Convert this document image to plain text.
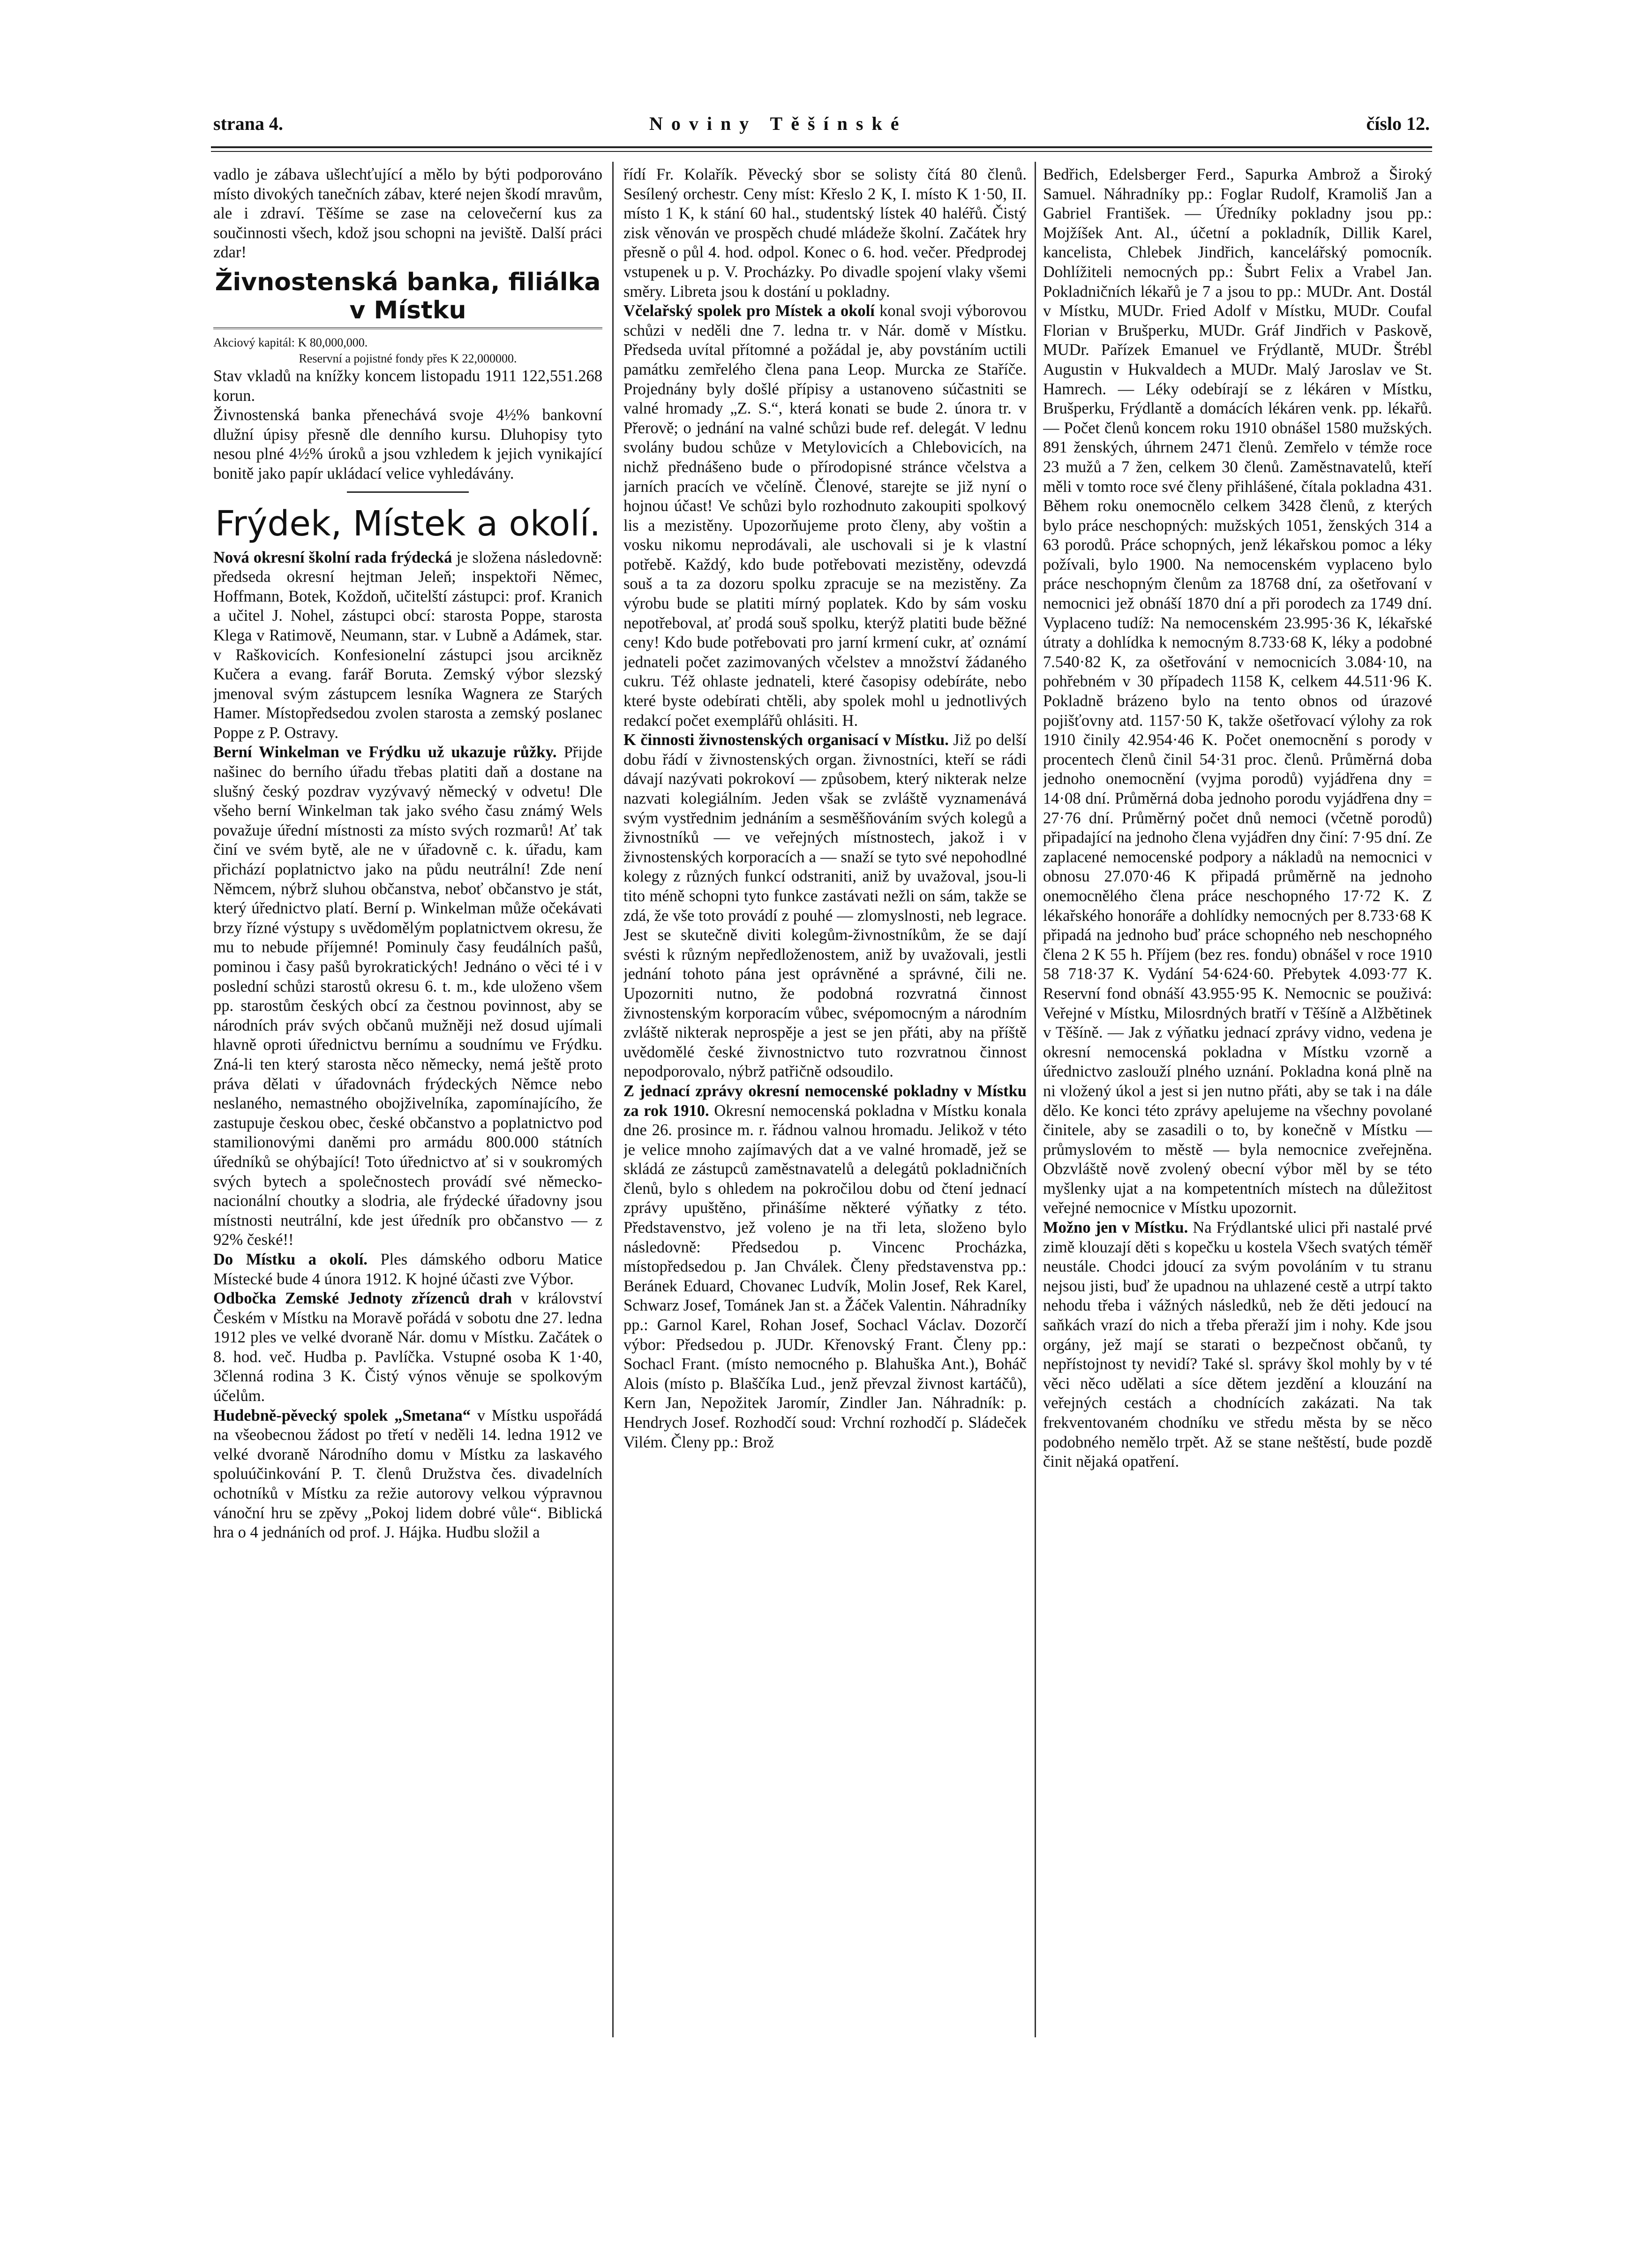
strana 4.	Noviny Těšínské	číslo 12.

vadlo je zábava ušlechťující a mělo by býti podporováno místo divokých tanečních zábav, které nejen škodí mravům, ale i zdraví. Těšíme se zase na celovečerní kus za součinnosti všech, kdož jsou schopni na jeviště. Další práci zdar!

Živnostenská banka, filiálka
v Místku

Akciový kapitál: K 80,000,000.

Reservní a pojistné fondy přes K 22,000000.

Stav vkladů na knížky koncem listopadu 1911 122,551.268 korun.

Živnostenská banka přenechává svoje 4½% bankovní dlužní úpisy přesně dle denního kursu. Dluhopisy tyto nesou plné 4½% úroků a jsou vzhledem k jejich vynikající bonitě jako papír ukládací velice vyhledávány.

Frýdek, Místek a okolí.

Nová okresní školní rada frýdecká je složena následovně: předseda okresní hejtman Jeleň; inspektoři Němec, Hoffmann, Botek, Koždoň, učitelští zástupci: prof. Kranich a učitel J. Nohel, zástupci obcí: starosta Poppe, starosta Klega v Ratimově, Neumann, star. v Lubně a Adámek, star. v Raškovicích. Konfesionelní zástupci jsou arcikněz Kučera a evang. farář Boruta. Zemský výbor slezský jmenoval svým zástupcem lesníka Wagnera ze Starých Hamer. Místopředsedou zvolen starosta a zemský poslanec Poppe z P. Ostravy.

Berní Winkelman ve Frýdku už ukazuje růžky. Přijde našinec do berního úřadu třebas platiti daň a dostane na slušný český pozdrav vyzývavý německý v odvetu! Dle všeho berní Winkelman tak jako svého času známý Wels považuje úřední místnosti za místo svých rozmarů! Ať tak činí ve svém bytě, ale ne v úřadovně c. k. úřadu, kam přichází poplatnictvo jako na půdu neutrální! Zde není Němcem, nýbrž sluhou občanstva, neboť občanstvo je stát, který úřednictvo platí. Berní p. Winkelman může očekávati brzy řízné výstupy s uvědomělým poplatnictvem okresu, že mu to nebude příjemné! Pominuly časy feudálních pašů, pominou i časy pašů byrokratických! Jednáno o věci té i v poslední schůzi starostů okresu 6. t. m., kde uloženo všem pp. starostům českých obcí za čestnou povinnost, aby se národních práv svých občanů mužněji než dosud ujímali hlavně oproti úřednictvu bernímu a soudnímu ve Frýdku. Zná-li ten který starosta něco německy, nemá ještě proto práva dělati v úřadovnách frýdeckých Němce nebo neslaného, nemastného obojživelníka, zapomínajícího, že zastupuje českou obec, české občanstvo a poplatnictvo pod stamilionovými daněmi pro armádu 800.000 státních úředníků se ohýbající! Toto úřednictvo ať si v soukromých svých bytech a společnostech provádí své německo-nacionální choutky a slodria, ale frýdecké úřadovny jsou místnosti neutrální, kde jest úředník pro občanstvo — z 92% české!!

Do Místku a okolí. Ples dámského odboru Matice Místecké bude 4 února 1912. K hojné účasti zve Výbor.

Odbočka Zemské Jednoty zřízenců drah v království Českém v Místku na Moravě pořádá v sobotu dne 27. ledna 1912 ples ve velké dvoraně Nár. domu v Místku. Začátek o 8. hod. več. Hudba p. Pavlíčka. Vstupné osoba K 1·40, 3členná rodina 3 K. Čistý výnos věnuje se spolkovým účelům.

Hudebně-pěvecký spolek „Smetana“ v Místku uspořádá na všeobecnou žádost po třetí v neděli 14. ledna 1912 ve velké dvoraně Národního domu v Místku za laskavého spoluúčinkování P. T. členů Družstva čes. divadelních ochotníků v Místku za režie autorovy velkou výpravnou vánoční hru se zpěvy „Pokoj lidem dobré vůle“. Biblická hra o 4 jednáních od prof. J. Hájka. Hudbu složil a

řídí Fr. Kolařík. Pěvecký sbor se solisty čítá 80 členů. Sesílený orchestr. Ceny míst: Křeslo 2 K, I. místo K 1·50, II. místo 1 K, k stání 60 hal., studentský lístek 40 haléřů. Čistý zisk věnován ve prospěch chudé mládeže školní. Začátek hry přesně o půl 4. hod. odpol. Konec o 6. hod. večer. Předprodej vstupenek u p. V. Procházky. Po divadle spojení vlaky všemi směry. Libreta jsou k dostání u pokladny.

Včelařský spolek pro Místek a okolí konal svoji výborovou schůzi v neděli dne 7. ledna tr. v Nár. domě v Místku. Předseda uvítal přítomné a požádal je, aby povstáním uctili památku zemřelého člena pana Leop. Murcka ze Staříče. Projednány byly došlé přípisy a ustanoveno súčastniti se valné hromady „Z. S.“, která konati se bude 2. února tr. v Přerově; o jednání na valné schůzi bude ref. delegát. V lednu svolány budou schůze v Metylovicích a Chlebovicích, na nichž přednášeno bude o přírodopisné stránce včelstva a jarních pracích ve včelíně. Členové, starejte se již nyní o hojnou účast! Ve schůzi bylo rozhodnuto zakoupiti spolkový lis a mezistěny. Upozorňujeme proto členy, aby voštin a vosku nikomu neprodávali, ale uschovali si je k vlastní potřebě. Každý, kdo bude potřebovati mezistěny, odevzdá souš a ta za dozoru spolku zpracuje se na mezistěny. Za výrobu bude se platiti mírný poplatek. Kdo by sám vosku nepotřeboval, ať prodá souš spolku, kterýž platiti bude běžné ceny! Kdo bude potřebovati pro jarní krmení cukr, ať oznámí jednateli počet zazimovaných včelstev a množství žádaného cukru. Též ohlaste jednateli, které časopisy odebíráte, nebo které byste odebírati chtěli, aby spolek mohl u jednotlivých redakcí počet exemplářů ohlásiti. H.

K činnosti živnostenských organisací v Místku. Již po delší dobu řádí v živnostenských organ. živnostníci, kteří se rádi dávají nazývati pokrokoví — způsobem, který nikterak nelze nazvati kolegiálním. Jeden však se zvláště vyznamenává svým vystřednim jednáním a sesměšňováním svých kolegů a živnostníků — ve veřejných místnostech, jakož i v živnostenských korporacích a — snaží se tyto své nepohodlné kolegy z různých funkcí odstraniti, aniž by uvažoval, jsou-li tito méně schopni tyto funkce zastávati nežli on sám, takže se zdá, že vše toto provádí z pouhé — zlomyslnosti, neb legrace. Jest se skutečně diviti kolegům-živnostníkům, že se dají svésti k různým nepředloženostem, aniž by uvažovali, jestli jednání tohoto pána jest oprávněné a správné, čili ne. Upozorniti nutno, že podobná rozvratná činnost živnostenským korporacím vůbec, svépomocným a národním zvláště nikterak neprospěje a jest se jen přáti, aby na příště uvědomělé české živnostnictvo tuto rozvratnou činnost nepodporovalo, nýbrž patřičně odsoudilo.

Z jednací zprávy okresní nemocenské pokladny v Místku za rok 1910. Okresní nemocenská pokladna v Místku konala dne 26. prosince m. r. řádnou valnou hromadu. Jelikož v této je velice mnoho zajímavých dat a ve valné hromadě, jež se skládá ze zástupců zaměstnavatelů a delegátů pokladničních členů, bylo s ohledem na pokročilou dobu od čtení jednací zprávy upuštěno, přinášíme některé výňatky z této. Představenstvo, jež voleno je na tři leta, složeno bylo následovně: Předsedou p. Vincenc Procházka, místopředsedou p. Jan Chválek. Členy představenstva pp.: Beránek Eduard, Chovanec Ludvík, Molin Josef, Rek Karel, Schwarz Josef, Tománek Jan st. a Žáček Valentin. Náhradníky pp.: Garnol Karel, Rohan Josef, Sochacl Václav. Dozorčí výbor: Předsedou p. JUDr. Křenovský Frant. Členy pp.: Sochacl Frant. (místo nemocného p. Blahuška Ant.), Boháč Alois (místo p. Blaščíka Lud., jenž převzal živnost kartáčů), Kern Jan, Nepožitek Jaromír, Zindler Jan. Náhradník: p. Hendrych Josef. Rozhodčí soud: Vrchní rozhodčí p. Sládeček Vilém. Členy pp.: Brož

Bedřich, Edelsberger Ferd., Sapurka Ambrož a Široký Samuel. Náhradníky pp.: Foglar Rudolf, Kramoliš Jan a Gabriel František. — Úředníky pokladny jsou pp.: Mojžíšek Ant. Al., účetní a pokladník, Dillik Karel, kancelista, Chlebek Jindřich, kancelářský pomocník. Dohlížiteli nemocných pp.: Šubrt Felix a Vrabel Jan. Pokladničních lékařů je 7 a jsou to pp.: MUDr. Ant. Dostál v Místku, MUDr. Fried Adolf v Místku, MUDr. Coufal Florian v Brušperku, MUDr. Gráf Jindřich v Paskově, MUDr. Pařízek Emanuel ve Frýdlantě, MUDr. Štrébl Augustin v Hukvaldech a MUDr. Malý Jaroslav ve St. Hamrech. — Léky odebírají se z lékáren v Místku, Brušperku, Frýdlantě a domácích lékáren venk. pp. lékařů. — Počet členů koncem roku 1910 obnášel 1580 mužských. 891 ženských, úhrnem 2471 členů. Zemřelo v témže roce 23 mužů a 7 žen, celkem 30 členů. Zaměstnavatelů, kteří měli v tomto roce své členy přihlášené, čítala pokladna 431. Během roku onemocnělo celkem 3428 členů, z kterých bylo práce neschopných: mužských 1051, ženských 314 a 63 porodů. Práce schopných, jenž lékařskou pomoc a léky požívali, bylo 1900. Na nemocenském vyplaceno bylo práce neschopným členům za 18768 dní, za ošetřovaní v nemocnici jež obnáší 1870 dní a při porodech za 1749 dní. Vyplaceno tudíž: Na nemocenském 23.995·36 K, lékařské útraty a dohlídka k nemocným 8.733·68 K, léky a podobné 7.540·82 K, za ošetřování v nemocnicích 3.084·10, na pohřebném v 30 případech 1158 K, celkem 44.511·96 K. Pokladně brázeno bylo na tento obnos od úrazové pojišťovny atd. 1157·50 K, takže ošetřovací výlohy za rok 1910 činily 42.954·46 K. Počet onemocnění s porody v procentech členů činil 54·31 proc. členů. Průměrná doba jednoho onemocnění (vyjma porodů) vyjádřena dny = 14·08 dní. Průměrná doba jednoho porodu vyjádřena dny = 27·76 dní. Průměrný počet dnů nemoci (včetně porodů) připadající na jednoho člena vyjádřen dny činí: 7·95 dní. Ze zaplacené nemocenské podpory a nákladů na nemocnici v obnosu 27.070·46 K připadá průměrně na jednoho onemocnělého člena práce neschopného 17·72 K. Z lékařského honoráře a dohlídky nemocných per 8.733·68 K připadá na jednoho buď práce schopného neb neschopného člena 2 K 55 h. Příjem (bez res. fondu) obnášel v roce 1910 58 718·37 K. Vydání 54·624·60. Přebytek 4.093·77 K. Reservní fond obnáší 43.955·95 K. Nemocnic se použivá: Veřejné v Místku, Milosrdných bratří v Těšíně a Alžbětinek v Těšíně. — Jak z výňatku jednací zprávy vidno, vedena je okresní nemocenská pokladna v Místku vzorně a úřednictvo zaslouží plného uznání. Pokladna koná plně na ni vložený úkol a jest si jen nutno přáti, aby se tak i na dále dělo. Ke konci této zprávy apelujeme na všechny povolané činitele, aby se zasadili o to, by konečně v Místku — průmyslovém to městě — byla nemocnice zveřejněna. Obzvláště nově zvolený obecní výbor měl by se této myšlenky ujat a na kompetentních místech na důležitost veřejné nemocnice v Místku upozornit.

Možno jen v Místku. Na Frýdlantské ulici při nastalé prvé zimě klouzají děti s kopečku u kostela Všech svatých téměř neustále. Chodci jdoucí za svým povoláním v tu stranu nejsou jisti, buď že upadnou na uhlazené cestě a utrpí takto nehodu třeba i vážných následků, neb že děti jedoucí na saňkách vrazí do nich a třeba přeraží jim i nohy. Kde jsou orgány, jež mají se starati o bezpečnost občanů, ty nepřístojnost ty nevidí? Také sl. správy škol mohly by v té věci něco udělati a síce dětem jezdění a klouzání na veřejných cestách a chodnících zakázati. Na tak frekventovaném chodníku ve středu města by se něco podobného nemělo trpět. Až se stane neštěstí, bude pozdě činit nějaká opatření.
